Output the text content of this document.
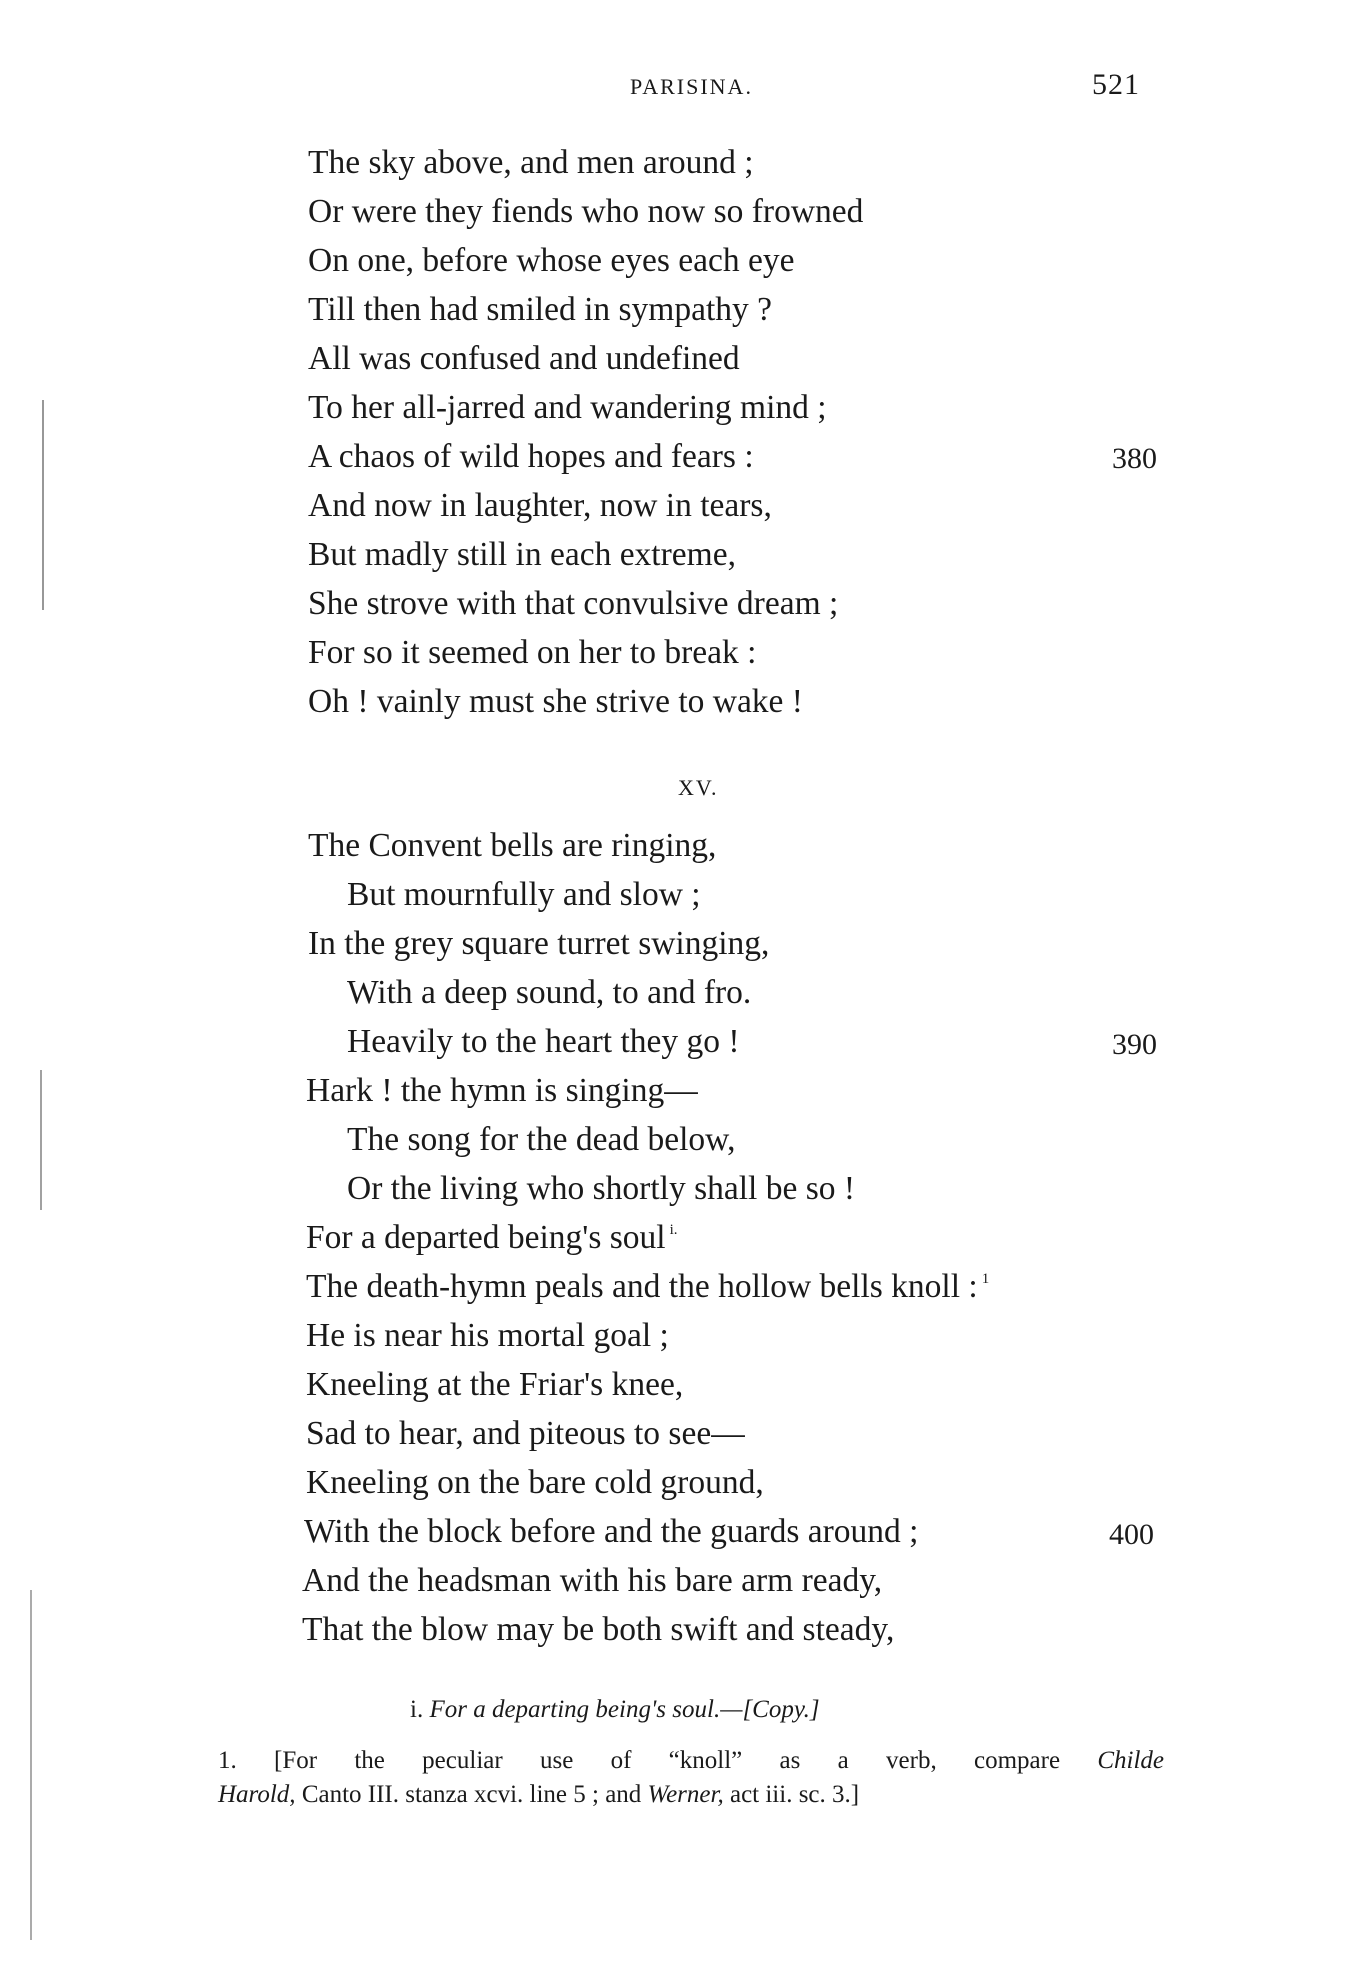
PARISINA.	521
The sky above, and men around ;
Or were they fiends who now so frowned
On one, before whose eyes each eye
Till then had smiled in sympathy ?
All was confused and undefined
To her all-jarred and wandering mind ;
A chaos of wild hopes and fears :	380
And now in laughter, now in tears,
But madly still in each extreme,
She strove with that convulsive dream ;
For so it seemed on her to break :
Oh ! vainly must she strive to wake !
XV.
The Convent bells are ringing,
But mournfully and slow ;
In the grey square turret swinging,
With a deep sound, to and fro.
Heavily to the heart they go !	390
Hark ! the hymn is singing—
The song for the dead below,
Or the living who shortly shall be so !
For a departed being's soul $^{i.}$
The death-hymn peals and the hollow bells knoll : $^1$
He is near his mortal goal ;
Kneeling at the Friar's knee,
Sad to hear, and piteous to see—
Kneeling on the bare cold ground,
With the block before and the guards around ;	400
And the headsman with his bare arm ready,
That the blow may be both swift and steady,
i. For a departing being's soul.—[Copy.]
1. [For the peculiar use of “knoll” as a verb, compare Childe
Harold, Canto III. stanza xcvi. line 5 ; and Werner, act iii. sc. 3.]
